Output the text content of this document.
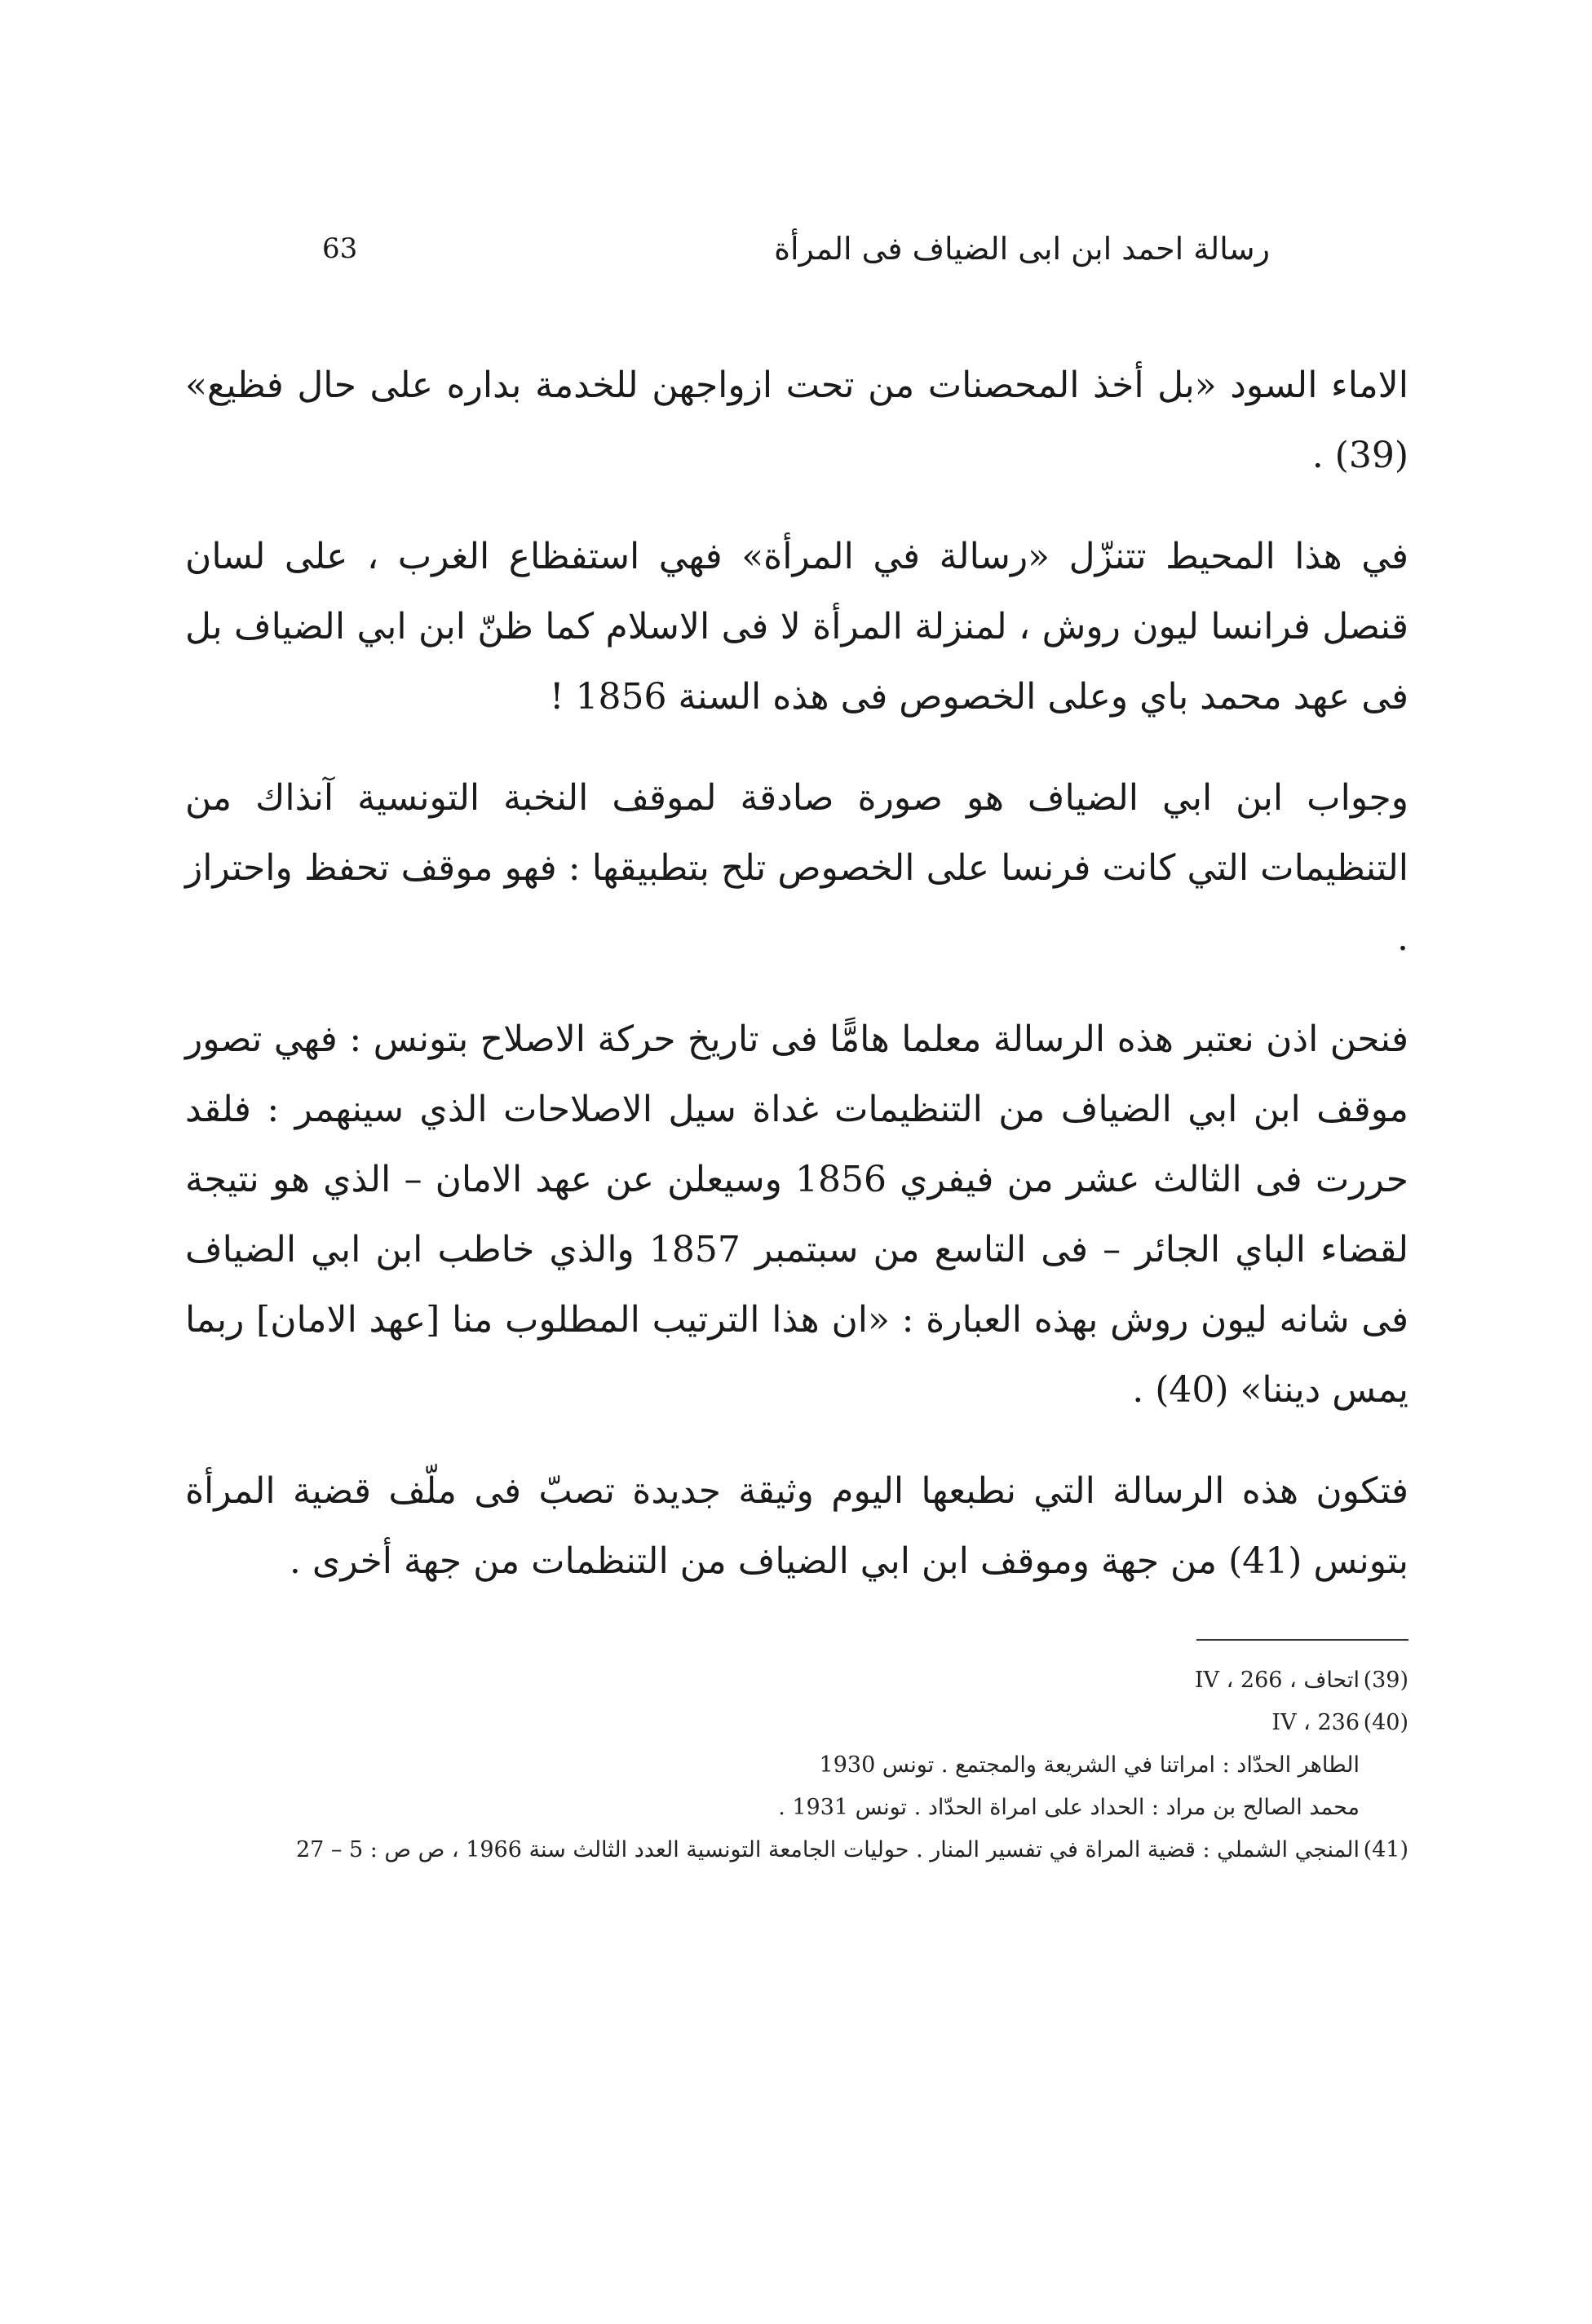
رسالة احمد ابن ابى الضياف فى المرأة
63

الاماء السود «بل أخذ المحصنات من تحت ازواجهن للخدمة بداره على حال فظيع» (39) .

في هذا المحيط تتنزّل «رسالة في المرأة» فهي استفظاع الغرب ، على لسان قنصل فرانسا ليون روش ، لمنزلة المرأة لا فى الاسلام كما ظنّ ابن ابي الضياف بل فى عهد محمد باي وعلى الخصوص فى هذه السنة 1856 !

وجواب ابن ابي الضياف هو صورة صادقة لموقف النخبة التونسية آنذاك من التنظيمات التي كانت فرنسا على الخصوص تلح بتطبيقها : فهو موقف تحفظ واحتراز .

فنحن اذن نعتبر هذه الرسالة معلما هامًّا فى تاريخ حركة الاصلاح بتونس : فهي تصور موقف ابن ابي الضياف من التنظيمات غداة سيل الاصلاحات الذي سينهمر : فلقد حررت فى الثالث عشر من فيفري 1856 وسيعلن عن عهد الامان – الذي هو نتيجة لقضاء الباي الجائر – فى التاسع من سبتمبر 1857 والذي خاطب ابن ابي الضياف فى شانه ليون روش بهذه العبارة : «ان هذا الترتيب المطلوب منا [عهد الامان] ربما يمس ديننا» (40) .

فتكون هذه الرسالة التي نطبعها اليوم وثيقة جديدة تصبّ فى ملّف قضية المرأة بتونس (41) من جهة وموقف ابن ابي الضياف من التنظمات من جهة أخرى .

(39)
اتحاف ، IV ، 266
(40)
IV ، 236
الطاهر الحدّاد : امراتنا في الشريعة والمجتمع . تونس 1930
محمد الصالح بن مراد : الحداد على امراة الحدّاد . تونس 1931 .
(41)
المنجي الشملي : قضية المراة في تفسير المنار . حوليات الجامعة التونسية العدد الثالث سنة 1966 ، ص ص : 5 – 27
